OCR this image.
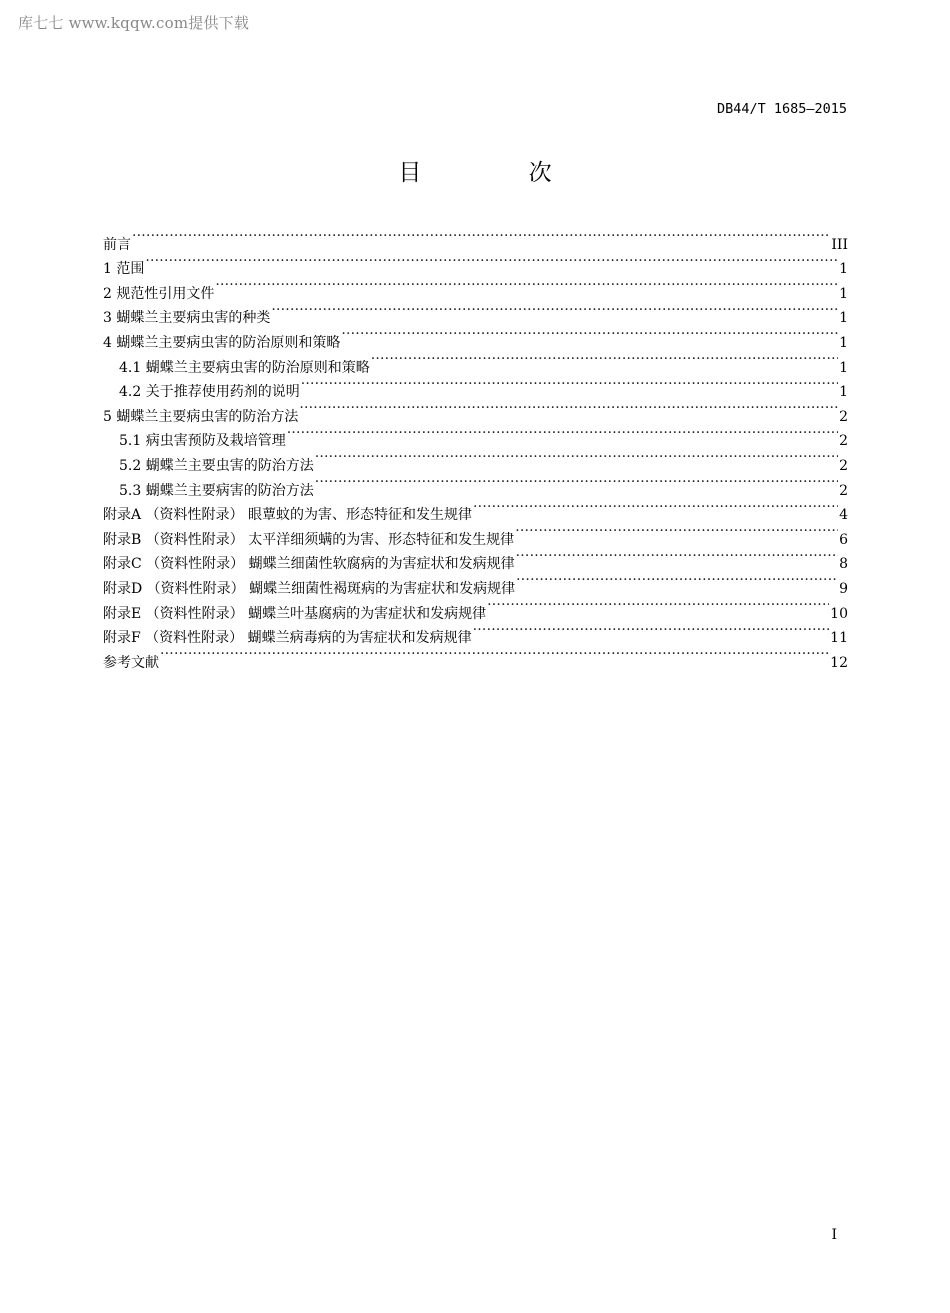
库七七 www.kqqw.com提供下载
DB44/T 1685—2015
目 次
前言 ·····	III
1 范围 ·····	1
2 规范性引用文件 ·····	1
3 蝴蝶兰主要病虫害的种类 ·····	1
4 蝴蝶兰主要病虫害的防治原则和策略 ·····	1
4.1 蝴蝶兰主要病虫害的防治原则和策略 ·····	1
4.2 关于推荐使用药剂的说明 ·····	1
5 蝴蝶兰主要病虫害的防治方法 ·····	2
5.1 病虫害预防及栽培管理 ·····	2
5.2 蝴蝶兰主要虫害的防治方法 ·····	2
5.3 蝴蝶兰主要病害的防治方法 ·····	2
附录A （资料性附录） 眼蕈蚊的为害、形态特征和发生规律 ·····	4
附录B （资料性附录） 太平洋细须螨的为害、形态特征和发生规律 ·····	6
附录C （资料性附录） 蝴蝶兰细菌性软腐病的为害症状和发病规律 ·····	8
附录D （资料性附录） 蝴蝶兰细菌性褐斑病的为害症状和发病规律 ·····	9
附录E （资料性附录） 蝴蝶兰叶基腐病的为害症状和发病规律 ·····	10
附录F （资料性附录） 蝴蝶兰病毒病的为害症状和发病规律 ·····	11
参考文献 ·····	12
I
